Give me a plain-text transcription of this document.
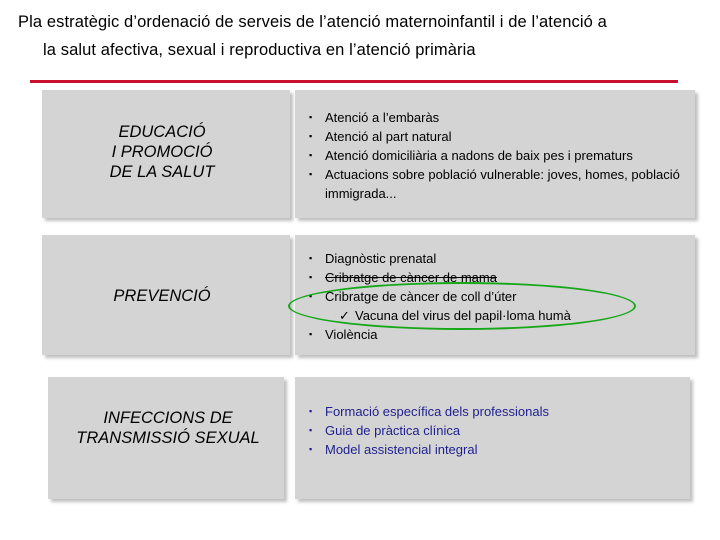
Pla estratègic d’ordenació de serveis de l’atenció maternoinfantil i de l’atenció a
la salut afectiva, sexual i reproductiva en l’atenció primària
EDUCACIÓ
I PROMOCIÓ
DE LA SALUT
▪ Atenció a l’embaràs
▪ Atenció al part natural
▪ Atenció domiciliària a nadons de baix pes i prematurs
▪ Actuacions sobre població vulnerable: joves, homes, població immigrada...
PREVENCIÓ
▪ Diagnòstic prenatal
▪ Cribratge de càncer de mama
▪ Cribratge de càncer de coll d’úter
✓ Vacuna del virus del papil·loma humà
▪ Violència
INFECCIONS DE
TRANSMISSIÓ SEXUAL
▪ Formació específica dels professionals
▪ Guia de pràctica clínica
▪ Model assistencial integral
